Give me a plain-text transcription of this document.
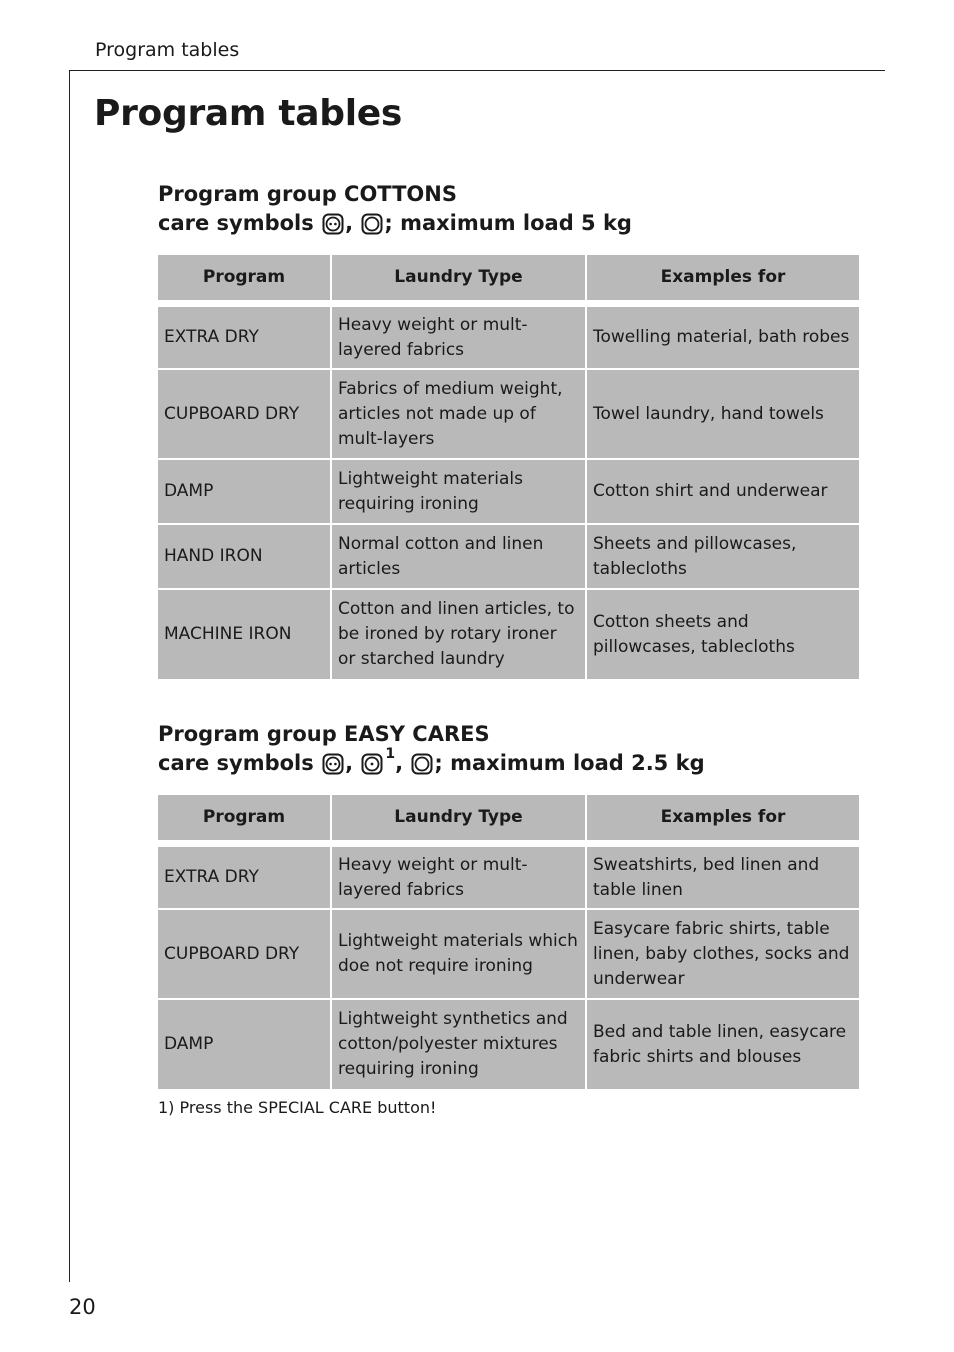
Program tables
Program tables
Program group COTTONS
care symbols
,
; maximum load 5 kg
Program	Laundry Type	Examples for
EXTRA DRY	Heavy weight or mult-layered fabrics	Towelling material, bath robes
CUPBOARD DRY	Fabrics of medium weight, articles not made up of mult-layers	Towel laundry, hand towels
DAMP	Lightweight materials requiring ironing	Cotton shirt and underwear
HAND IRON	Normal cotton and linen articles	Sheets and pillowcases, tablecloths
MACHINE IRON	Cotton and linen articles, to be ironed by rotary ironer or starched laundry	Cotton sheets and pillowcases, tablecloths
Program group EASY CARES
care symbols
,
1 ,
; maximum load 2.5 kg
Program	Laundry Type	Examples for
EXTRA DRY	Heavy weight or mult-layered fabrics	Sweatshirts, bed linen and table linen
CUPBOARD DRY	Lightweight materials which doe not require ironing	Easycare fabric shirts, table linen, baby clothes, socks and underwear
DAMP	Lightweight synthetics and cotton/polyester mixtures requiring ironing	Bed and table linen, easycare fabric shirts and blouses
1) Press the SPECIAL CARE button!
20
